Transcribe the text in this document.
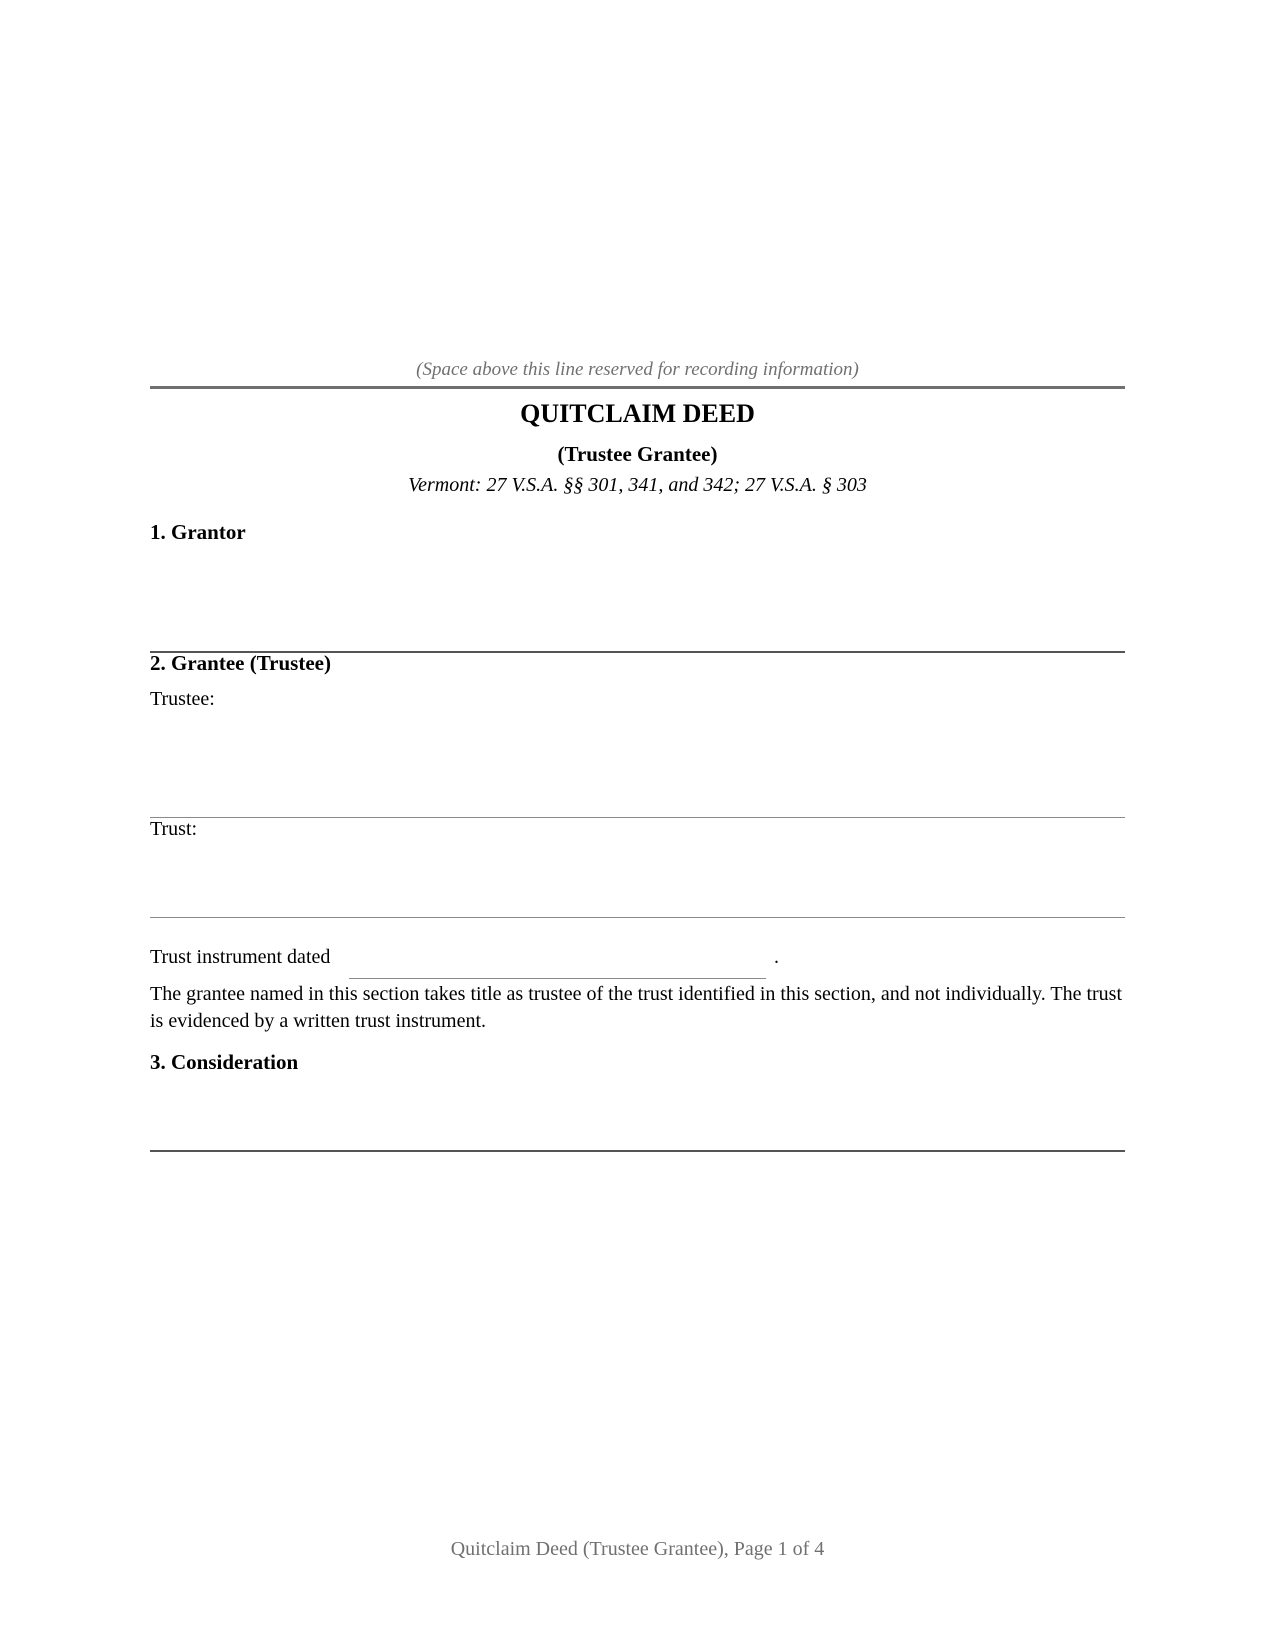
(Space above this line reserved for recording information)
QUITCLAIM DEED
(Trustee Grantee)
Vermont: 27 V.S.A. §§ 301, 341, and 342; 27 V.S.A. § 303
1. Grantor
2. Grantee (Trustee)
Trustee:
Trust:
Trust instrument dated	.
The grantee named in this section takes title as trustee of the trust identified in this section, and not individually. The trust is evidenced by a written trust instrument.
3. Consideration
Quitclaim Deed (Trustee Grantee), Page 1 of 4
